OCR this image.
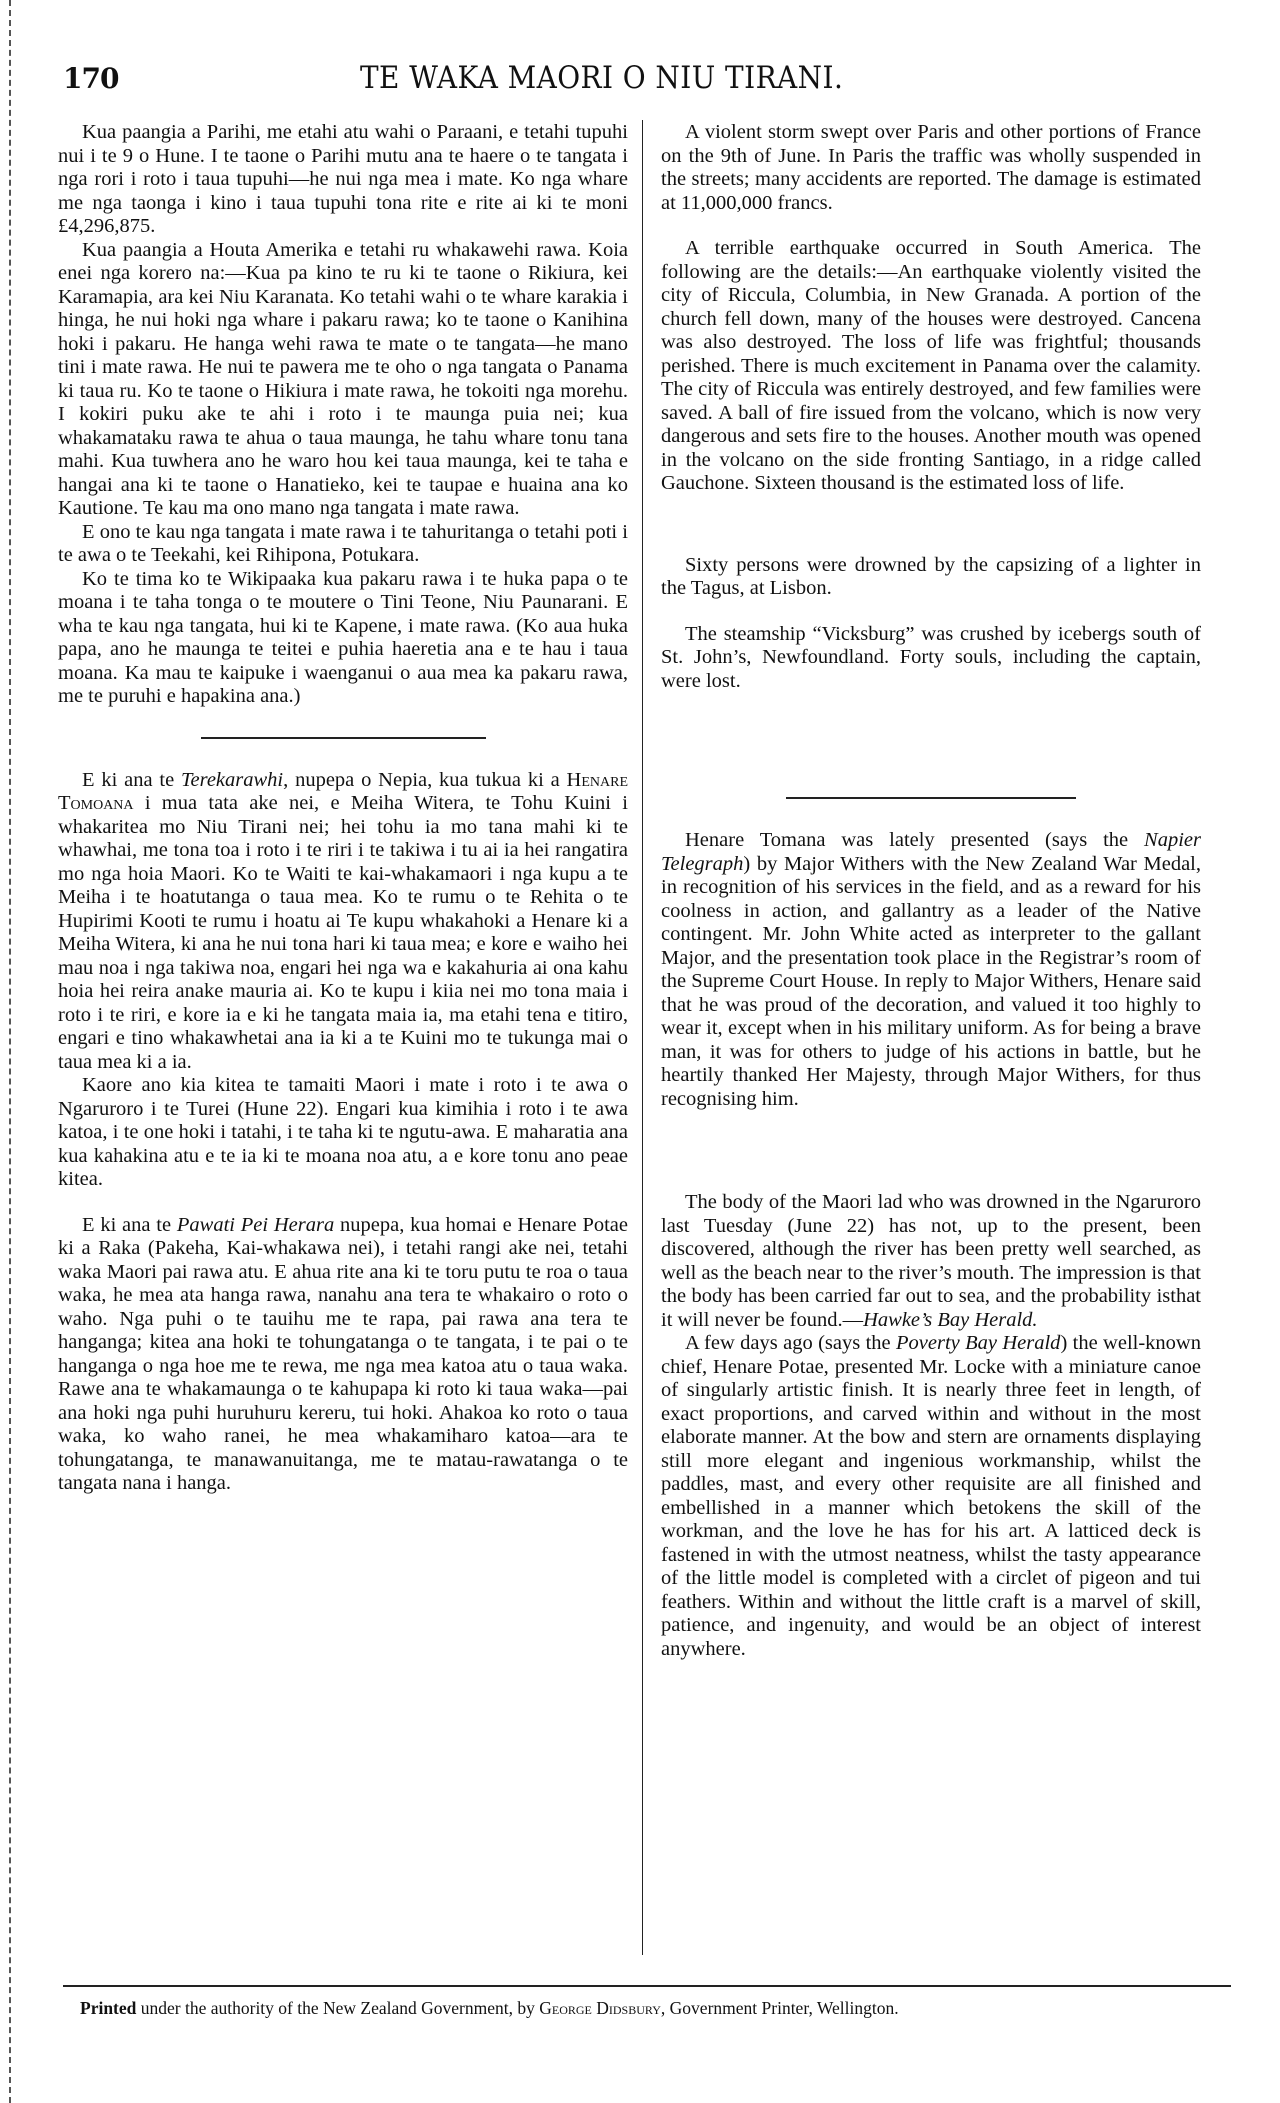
170	TE WAKA MAORI O NIU TIRANI.

Kua paangia a Parihi, me etahi atu wahi o Paraani, e tetahi tupuhi nui i te 9 o Hune. I te taone o Parihi mutu ana te haere o te tangata i nga rori i roto i taua tupuhi—he nui nga mea i mate. Ko nga whare me nga taonga i kino i taua tupuhi tona rite e rite ai ki te moni £4,296,875.

Kua paangia a Houta Amerika e tetahi ru whakawehi rawa. Koia enei nga korero na:—Kua pa kino te ru ki te taone o Rikiura, kei Karamapia, ara kei Niu Karanata. Ko tetahi wahi o te whare karakia i hinga, he nui hoki nga whare i pakaru rawa; ko te taone o Kanihina hoki i pakaru. He hanga wehi rawa te mate o te tangata—he mano tini i mate rawa. He nui te pawera me te oho o nga tangata o Panama ki taua ru. Ko te taone o Hikiura i mate rawa, he tokoiti nga morehu. I kokiri puku ake te ahi i roto i te maunga puia nei; kua whakamataku rawa te ahua o taua maunga, he tahu whare tonu tana mahi. Kua tuwhera ano he waro hou kei taua maunga, kei te taha e hangai ana ki te taone o Hanatieko, kei te taupae e huaina ana ko Kautione. Te kau ma ono mano nga tangata i mate rawa.

E ono te kau nga tangata i mate rawa i te tahuritanga o tetahi poti i te awa o te Teekahi, kei Rihipona, Potukara.

Ko te tima ko te Wikipaaka kua pakaru rawa i te huka papa o te moana i te taha tonga o te moutere o Tini Teone, Niu Paunarani. E wha te kau nga tangata, hui ki te Kapene, i mate rawa. (Ko aua huka papa, ano he maunga te teitei e puhia haeretia ana e te hau i taua moana. Ka mau te kaipuke i waenganui o aua mea ka pakaru rawa, me te puruhi e hapakina ana.)

E ki ana te Terekarawhi, nupepa o Nepia, kua tukua ki a Henare Tomoana i mua tata ake nei, e Meiha Witera, te Tohu Kuini i whakaritea mo Niu Tirani nei; hei tohu ia mo tana mahi ki te whawhai, me tona toa i roto i te riri i te takiwa i tu ai ia hei rangatira mo nga hoia Maori. Ko te Waiti te kai-whakamaori i nga kupu a te Meiha i te hoatutanga o taua mea. Ko te rumu o te Rehita o te Hupirimi Kooti te rumu i hoatu ai Te kupu whakahoki a Henare ki a Meiha Witera, ki ana he nui tona hari ki taua mea; e kore e waiho hei mau noa i nga takiwa noa, engari hei nga wa e kakahuria ai ona kahu hoia hei reira anake mauria ai. Ko te kupu i kiia nei mo tona maia i roto i te riri, e kore ia e ki he tangata maia ia, ma etahi tena e titiro, engari e tino whakawhetai ana ia ki a te Kuini mo te tukunga mai o taua mea ki a ia.

Kaore ano kia kitea te tamaiti Maori i mate i roto i te awa o Ngaruroro i te Turei (Hune 22). Engari kua kimihia i roto i te awa katoa, i te one hoki i tatahi, i te taha ki te ngutu-awa. E maharatia ana kua kahakina atu e te ia ki te moana noa atu, a e kore tonu ano peae kitea.

E ki ana te Pawati Pei Herara nupepa, kua homai e Henare Potae ki a Raka (Pakeha, Kai-whakawa nei), i tetahi rangi ake nei, tetahi waka Maori pai rawa atu. E ahua rite ana ki te toru putu te roa o taua waka, he mea ata hanga rawa, nanahu ana tera te whakairo o roto o waho. Nga puhi o te tauihu me te rapa, pai rawa ana tera te hanganga; kitea ana hoki te tohungatanga o te tangata, i te pai o te hanganga o nga hoe me te rewa, me nga mea katoa atu o taua waka. Rawe ana te whakamaunga o te kahupapa ki roto ki taua waka—pai ana hoki nga puhi huruhuru kereru, tui hoki. Ahakoa ko roto o taua waka, ko waho ranei, he mea whakamiharo katoa—ara te tohungatanga, te manawanuitanga, me te matau-rawatanga o te tangata nana i hanga.

A violent storm swept over Paris and other portions of France on the 9th of June. In Paris the traffic was wholly suspended in the streets; many accidents are reported. The damage is estimated at 11,000,000 francs.

A terrible earthquake occurred in South America. The following are the details:—An earthquake violently visited the city of Riccula, Columbia, in New Granada. A portion of the church fell down, many of the houses were destroyed. Cancena was also destroyed. The loss of life was frightful; thousands perished. There is much excitement in Panama over the calamity. The city of Riccula was entirely destroyed, and few families were saved. A ball of fire issued from the volcano, which is now very dangerous and sets fire to the houses. Another mouth was opened in the volcano on the side fronting Santiago, in a ridge called Gauchone. Sixteen thousand is the estimated loss of life.

Sixty persons were drowned by the capsizing of a lighter in the Tagus, at Lisbon.

The steamship “Vicksburg” was crushed by icebergs south of St. John’s, Newfoundland. Forty souls, including the captain, were lost.

Henare Tomana was lately presented (says the Napier Telegraph) by Major Withers with the New Zealand War Medal, in recognition of his services in the field, and as a reward for his coolness in action, and gallantry as a leader of the Native contingent. Mr. John White acted as interpreter to the gallant Major, and the presentation took place in the Registrar’s room of the Supreme Court House. In reply to Major Withers, Henare said that he was proud of the decoration, and valued it too highly to wear it, except when in his military uniform. As for being a brave man, it was for others to judge of his actions in battle, but he heartily thanked Her Majesty, through Major Withers, for thus recognising him.

The body of the Maori lad who was drowned in the Ngaruroro last Tuesday (June 22) has not, up to the present, been discovered, although the river has been pretty well searched, as well as the beach near to the river’s mouth. The impression is that the body has been carried far out to sea, and the probability isthat it will never be found.—Hawke’s Bay Herald.

A few days ago (says the Poverty Bay Herald) the well-known chief, Henare Potae, presented Mr. Locke with a miniature canoe of singularly artistic finish. It is nearly three feet in length, of exact proportions, and carved within and without in the most elaborate manner. At the bow and stern are ornaments displaying still more elegant and ingenious workmanship, whilst the paddles, mast, and every other requisite are all finished and embellished in a manner which betokens the skill of the workman, and the love he has for his art. A latticed deck is fastened in with the utmost neatness, whilst the tasty appearance of the little model is completed with a circlet of pigeon and tui feathers. Within and without the little craft is a marvel of skill, patience, and ingenuity, and would be an object of interest anywhere.

Printed under the authority of the New Zealand Government, by George Didsbury, Government Printer, Wellington.
